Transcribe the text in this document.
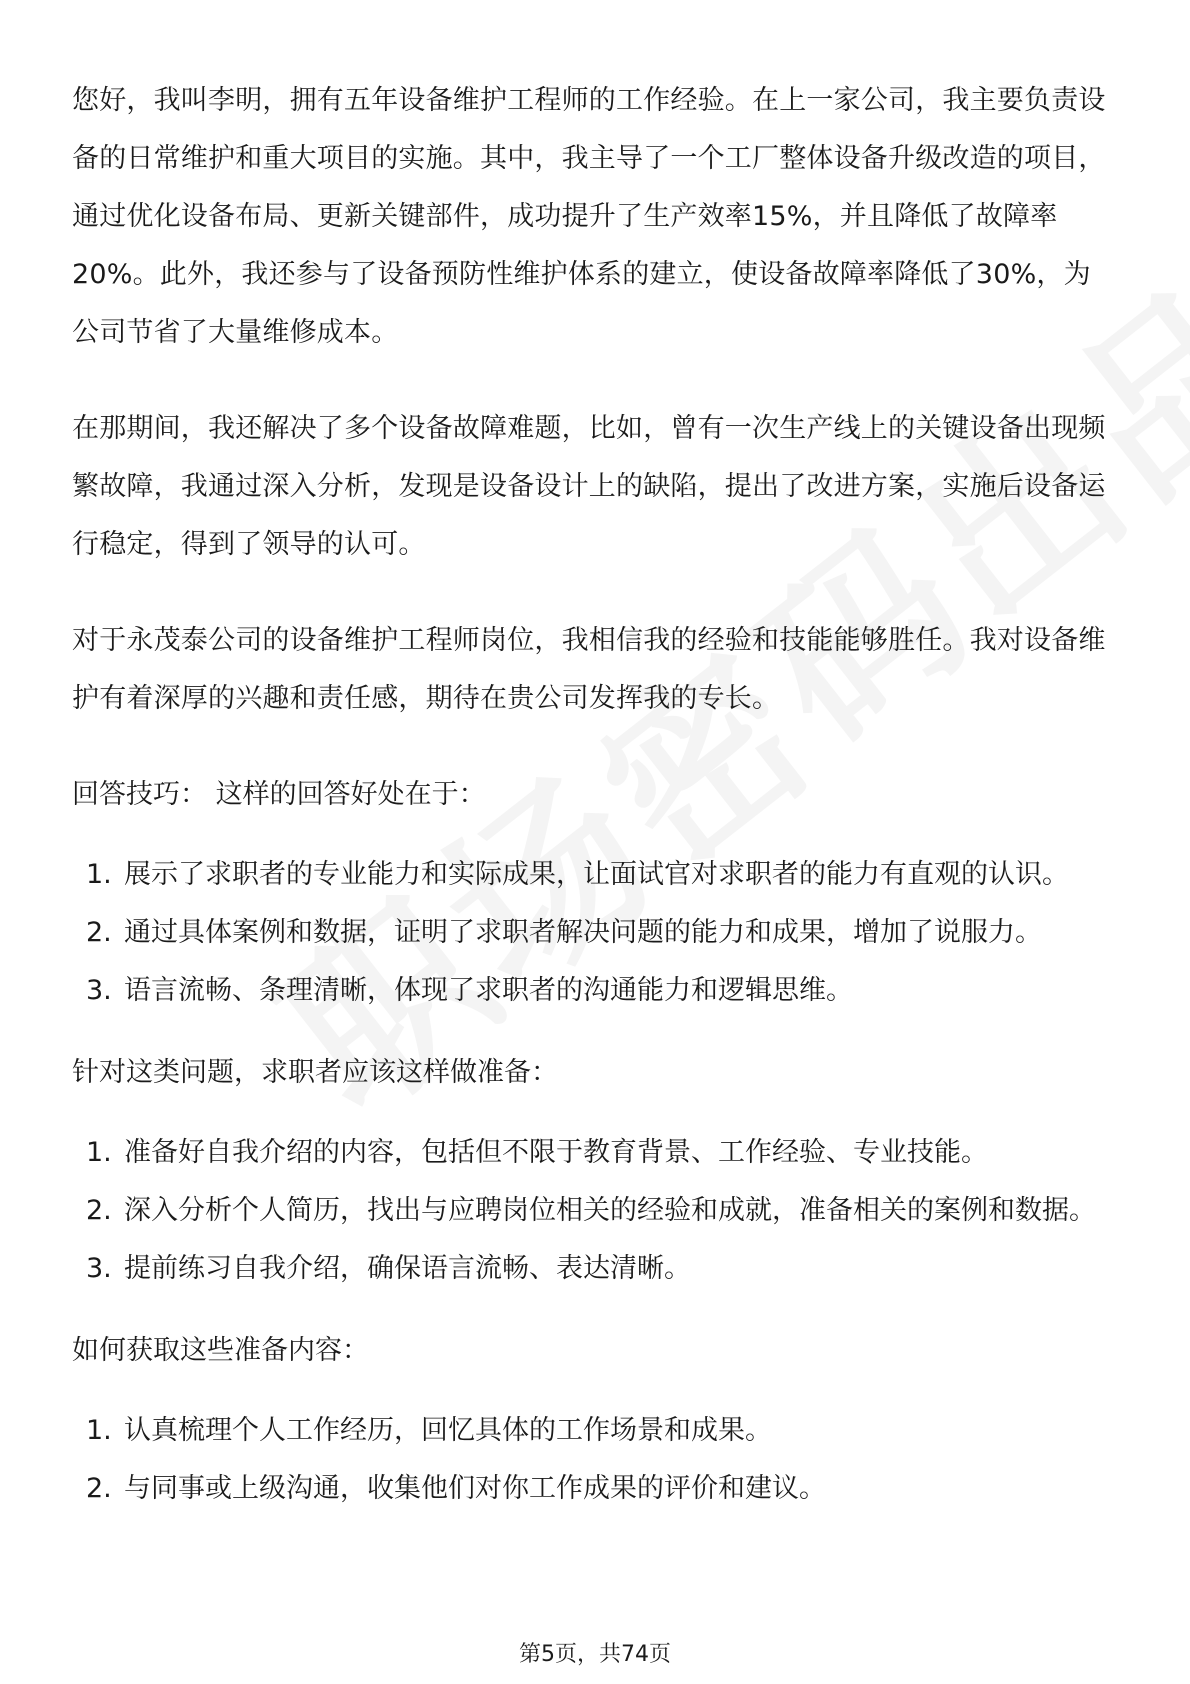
您好，我叫李明，拥有五年设备维护工程师的工作经验。在上一家公司，我主要负责设备的日常维护和重大项目的实施。其中，我主导了一个工厂整体设备升级改造的项目，通过优化设备布局、更新关键部件，成功提升了生产效率15%，并且降低了故障率20%。此外，我还参与了设备预防性维护体系的建立，使设备故障率降低了30%，为公司节省了大量维修成本。

在那期间，我还解决了多个设备故障难题，比如，曾有一次生产线上的关键设备出现频繁故障，我通过深入分析，发现是设备设计上的缺陷，提出了改进方案，实施后设备运行稳定，得到了领导的认可。

对于永茂泰公司的设备维护工程师岗位，我相信我的经验和技能能够胜任。我对设备维护有着深厚的兴趣和责任感，期待在贵公司发挥我的专长。

回答技巧： 这样的回答好处在于：

1. 展示了求职者的专业能力和实际成果，让面试官对求职者的能力有直观的认识。
2. 通过具体案例和数据，证明了求职者解决问题的能力和成果，增加了说服力。
3. 语言流畅、条理清晰，体现了求职者的沟通能力和逻辑思维。

针对这类问题，求职者应该这样做准备：

1. 准备好自我介绍的内容，包括但不限于教育背景、工作经验、专业技能。
2. 深入分析个人简历，找出与应聘岗位相关的经验和成就，准备相关的案例和数据。
3. 提前练习自我介绍，确保语言流畅、表达清晰。

如何获取这些准备内容：

1. 认真梳理个人工作经历，回忆具体的工作场景和成果。
2. 与同事或上级沟通，收集他们对你工作成果的评价和建议。
第5页，共74页
